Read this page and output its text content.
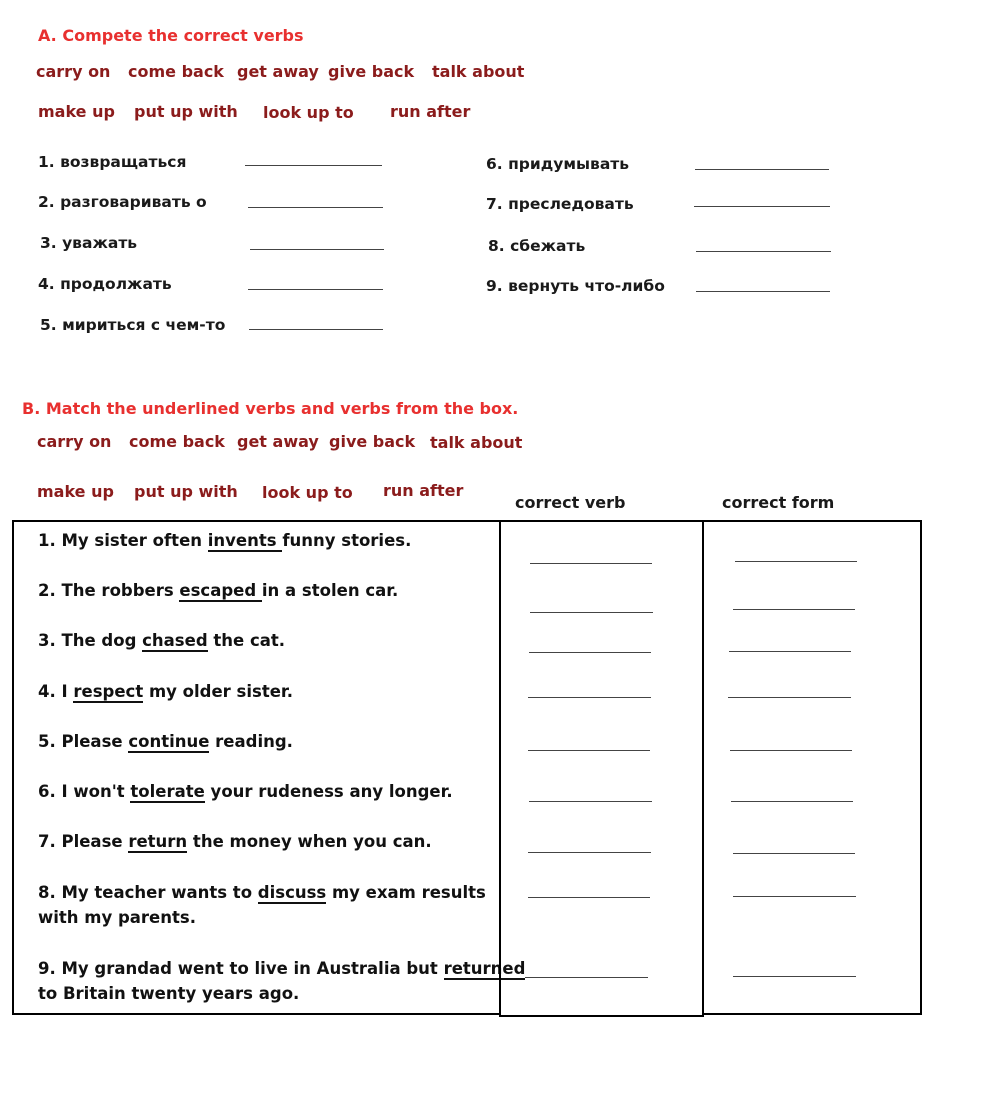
A. Compete the correct verbs
carry on come back get away give back talk about
make up put up with look up to run after
1. возвращаться
2. разговаривать о
3. уважать
4. продолжать
5. мириться с чем-то
6. придумывать
7. преследовать
8. сбежать
9. вернуть что-либо
B. Match the underlined verbs and verbs from the box.
carry on come back get away give back talk about
make up put up with look up to run after
correct verb	correct form
1. My sister often invents funny stories.
2. The robbers escaped in a stolen car.
3. The dog chased the cat.
4. I respect my older sister.
5. Please continue reading.
6. I won't tolerate your rudeness any longer.
7. Please return the money when you can.
8. My teacher wants to discuss my exam results
with my parents.
9. My grandad went to live in Australia but returned
to Britain twenty years ago.
